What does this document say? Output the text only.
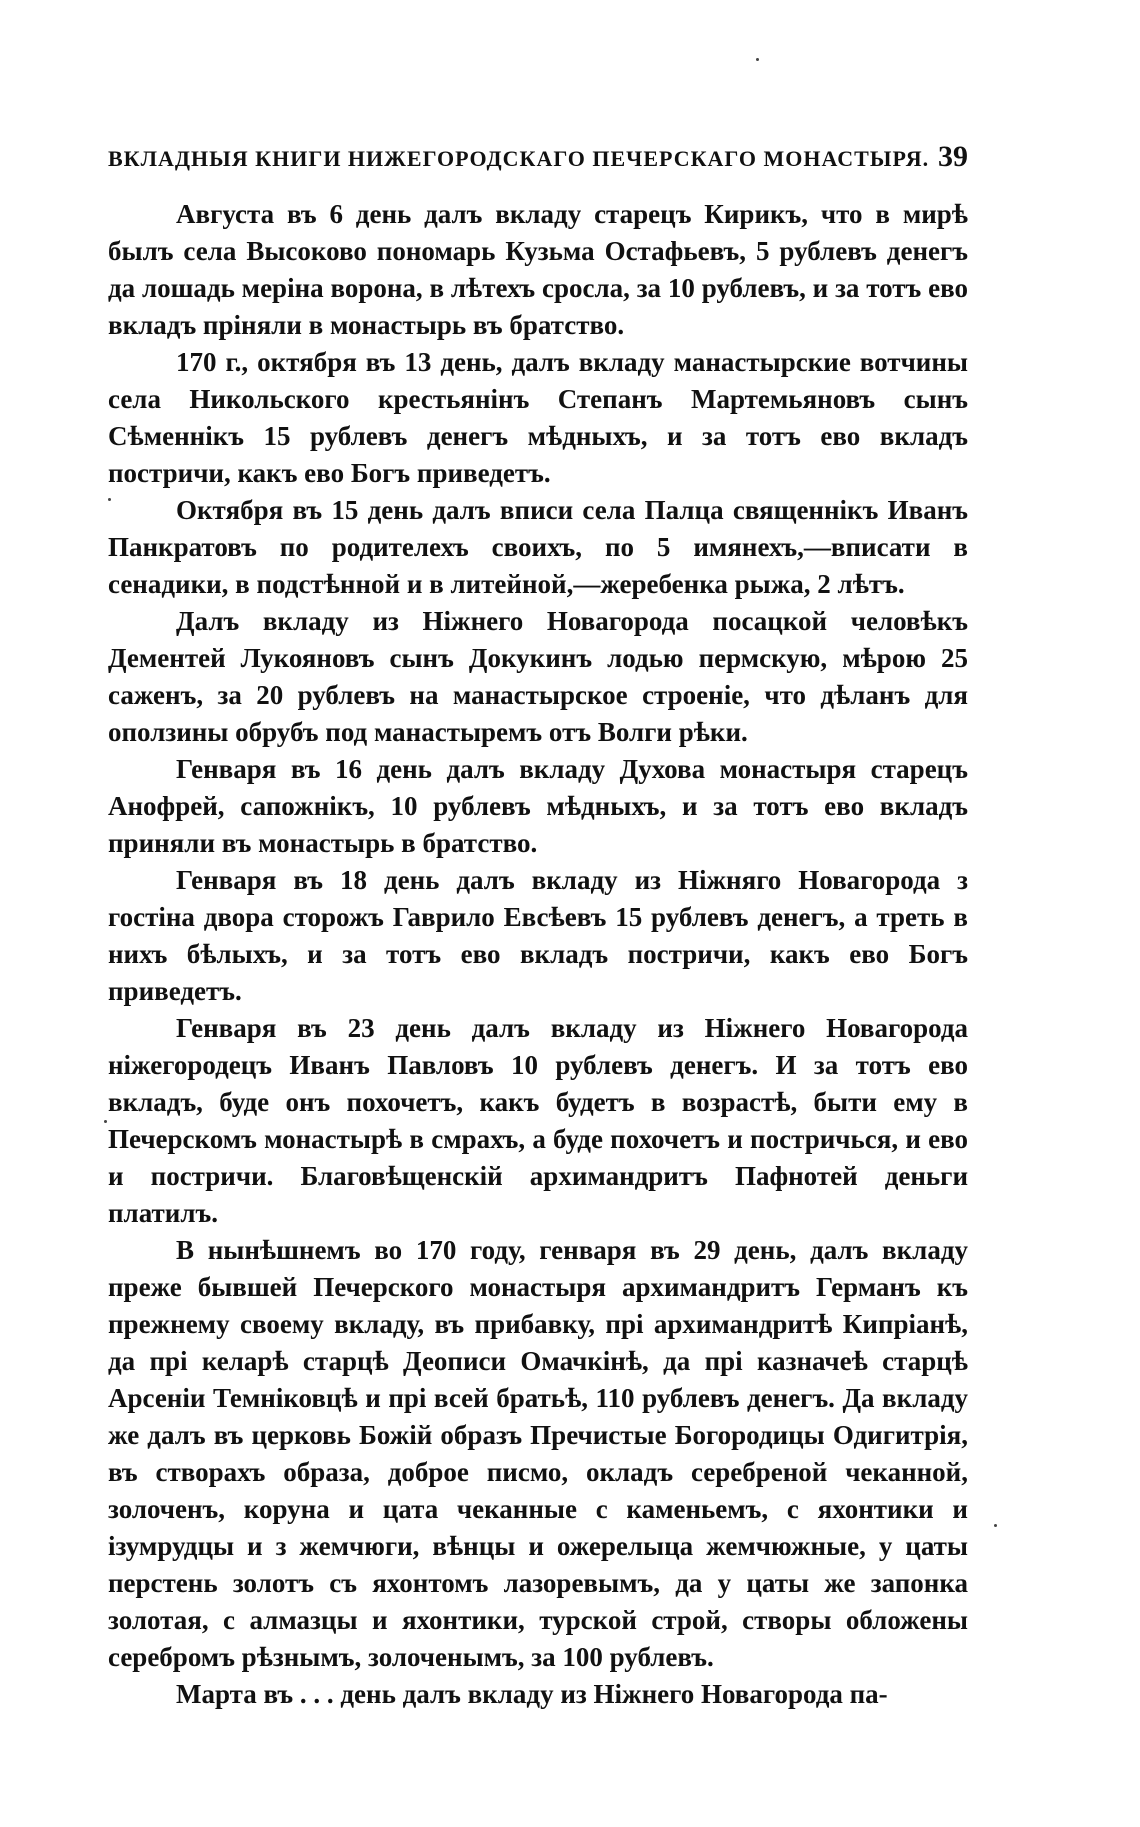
ВКЛАДНЫЯ КНИГИ НИЖЕГОРОДСКАГО ПЕЧЕРСКАГО МОНАСТЫРЯ. 39

Августа въ 6 день далъ вкладу старецъ Кирикъ, что в мирѣ былъ села Высоково пономарь Кузьма Остафьевъ, 5 рублевъ денегъ да лошадь меріна ворона, в лѣтехъ сросла, за 10 рублевъ, и за тотъ ево вкладъ пріняли в монастырь въ братство.

170 г., октября въ 13 день, далъ вкладу манастырские вотчины села Никольского крестьянінъ Степанъ Мартемьяновъ сынъ Сѣменнікъ 15 рублевъ денегъ мѣдныхъ, и за тотъ ево вкладъ постричи, какъ ево Богъ приведетъ.

Октября въ 15 день далъ вписи села Палца священнікъ Иванъ Панкратовъ по родителехъ своихъ, по 5 имянехъ,—вписати в сенадики, в подстѣнной и в литейной,—жеребенка рыжа, 2 лѣтъ.

Далъ вкладу из Ніжнего Новагорода посацкой человѣкъ Дементей Лукояновъ сынъ Докукинъ лодью пермскую, мѣрою 25 саженъ, за 20 рублевъ на манастырское строеніе, что дѣланъ для оползины обрубъ под манастыремъ отъ Волги рѣки.

Генваря въ 16 день далъ вкладу Духова монастыря старецъ Анофрей, сапожнікъ, 10 рублевъ мѣдныхъ, и за тотъ ево вкладъ приняли въ монастырь в братство.

Генваря въ 18 день далъ вкладу из Ніжняго Новагорода з гостіна двора сторожъ Гаврило Евсѣевъ 15 рублевъ денегъ, а треть в нихъ бѣлыхъ, и за тотъ ево вкладъ постричи, какъ ево Богъ приведетъ.

Генваря въ 23 день далъ вкладу из Ніжнего Новагорода ніжегородецъ Иванъ Павловъ 10 рублевъ денегъ. И за тотъ ево вкладъ, буде онъ похочетъ, какъ будетъ в возрастѣ, быти ему в Печерскомъ монастырѣ в смрахъ, а буде похочетъ и постричься, и ево и постричи. Благовѣщенскій архимандритъ Пафнотей деньги платилъ.

В нынѣшнемъ во 170 году, генваря въ 29 день, далъ вкладу преже бывшей Печерского монастыря архимандритъ Германъ къ прежнему своему вкладу, въ прибавку, прі архимандритѣ Кипріанѣ, да прі келарѣ старцѣ Деописи Омачкінѣ, да прі казначеѣ старцѣ Арсеніи Темніковцѣ и прі всей братьѣ, 110 рублевъ денегъ. Да вкладу же далъ въ церковь Божій образъ Пречистые Богородицы Одигитрія, въ створахъ образа, доброе писмо, окладъ серебреной чеканной, золоченъ, коруна и цата чеканные с каменьемъ, с яхонтики и ізумрудцы и з жемчюги, вѣнцы и ожерелыца жемчюжные, у цаты перстень золотъ съ яхонтомъ лазоревымъ, да у цаты же запонка золотая, с алмазцы и яхонтики, турской строй, створы обложены серебромъ рѣзнымъ, золоченымъ, за 100 рублевъ.

Марта въ . . . день далъ вкладу из Ніжнего Новагорода па-
